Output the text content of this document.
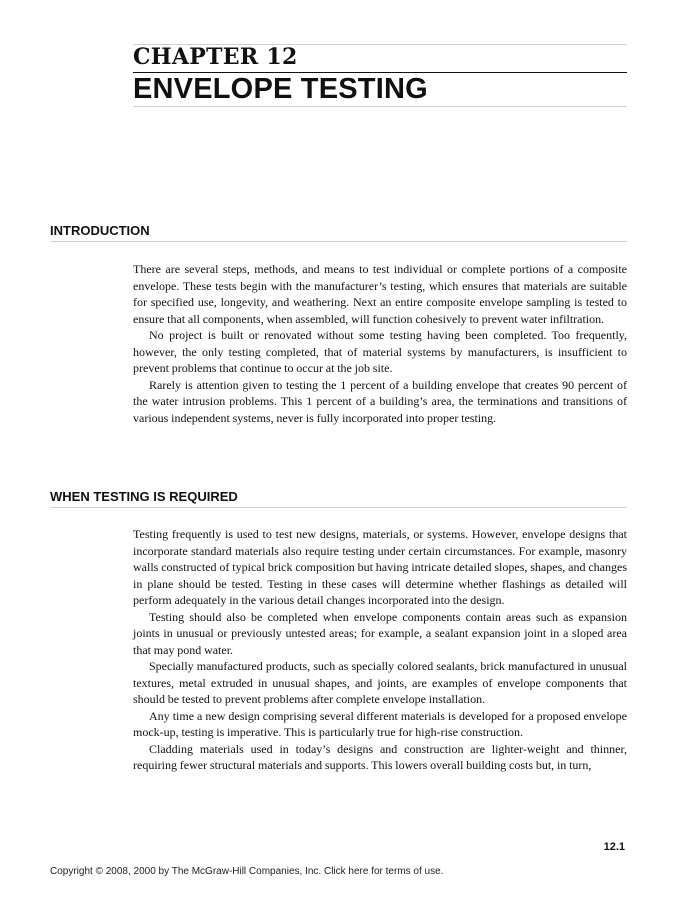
CHAPTER 12
ENVELOPE TESTING
INTRODUCTION

There are several steps, methods, and means to test individual or complete portions of a composite envelope. These tests begin with the manufacturer’s testing, which ensures that materials are suitable for specified use, longevity, and weathering. Next an entire composite envelope sampling is tested to ensure that all components, when assembled, will function cohesively to prevent water infiltration.

No project is built or renovated without some testing having been completed. Too frequently, however, the only testing completed, that of material systems by manufacturers, is insufficient to prevent problems that continue to occur at the job site.

Rarely is attention given to testing the 1 percent of a building envelope that creates 90 percent of the water intrusion problems. This 1 percent of a building’s area, the terminations and transitions of various independent systems, never is fully incorporated into proper testing.

WHEN TESTING IS REQUIRED

Testing frequently is used to test new designs, materials, or systems. However, envelope designs that incorporate standard materials also require testing under certain circumstances. For example, masonry walls constructed of typical brick composition but having intricate detailed slopes, shapes, and changes in plane should be tested. Testing in these cases will determine whether flashings as detailed will perform adequately in the various detail changes incorporated into the design.

Testing should also be completed when envelope components contain areas such as expansion joints in unusual or previously untested areas; for example, a sealant expansion joint in a sloped area that may pond water.

Specially manufactured products, such as specially colored sealants, brick manufactured in unusual textures, metal extruded in unusual shapes, and joints, are examples of envelope components that should be tested to prevent problems after complete envelope installation.

Any time a new design comprising several different materials is developed for a proposed envelope mock-up, testing is imperative. This is particularly true for high-rise construction.

Cladding materials used in today’s designs and construction are lighter-weight and thinner, requiring fewer structural materials and supports. This lowers overall building costs but, in turn,

12.1
Copyright © 2008, 2000 by The McGraw-Hill Companies, Inc. Click here for terms of use.
